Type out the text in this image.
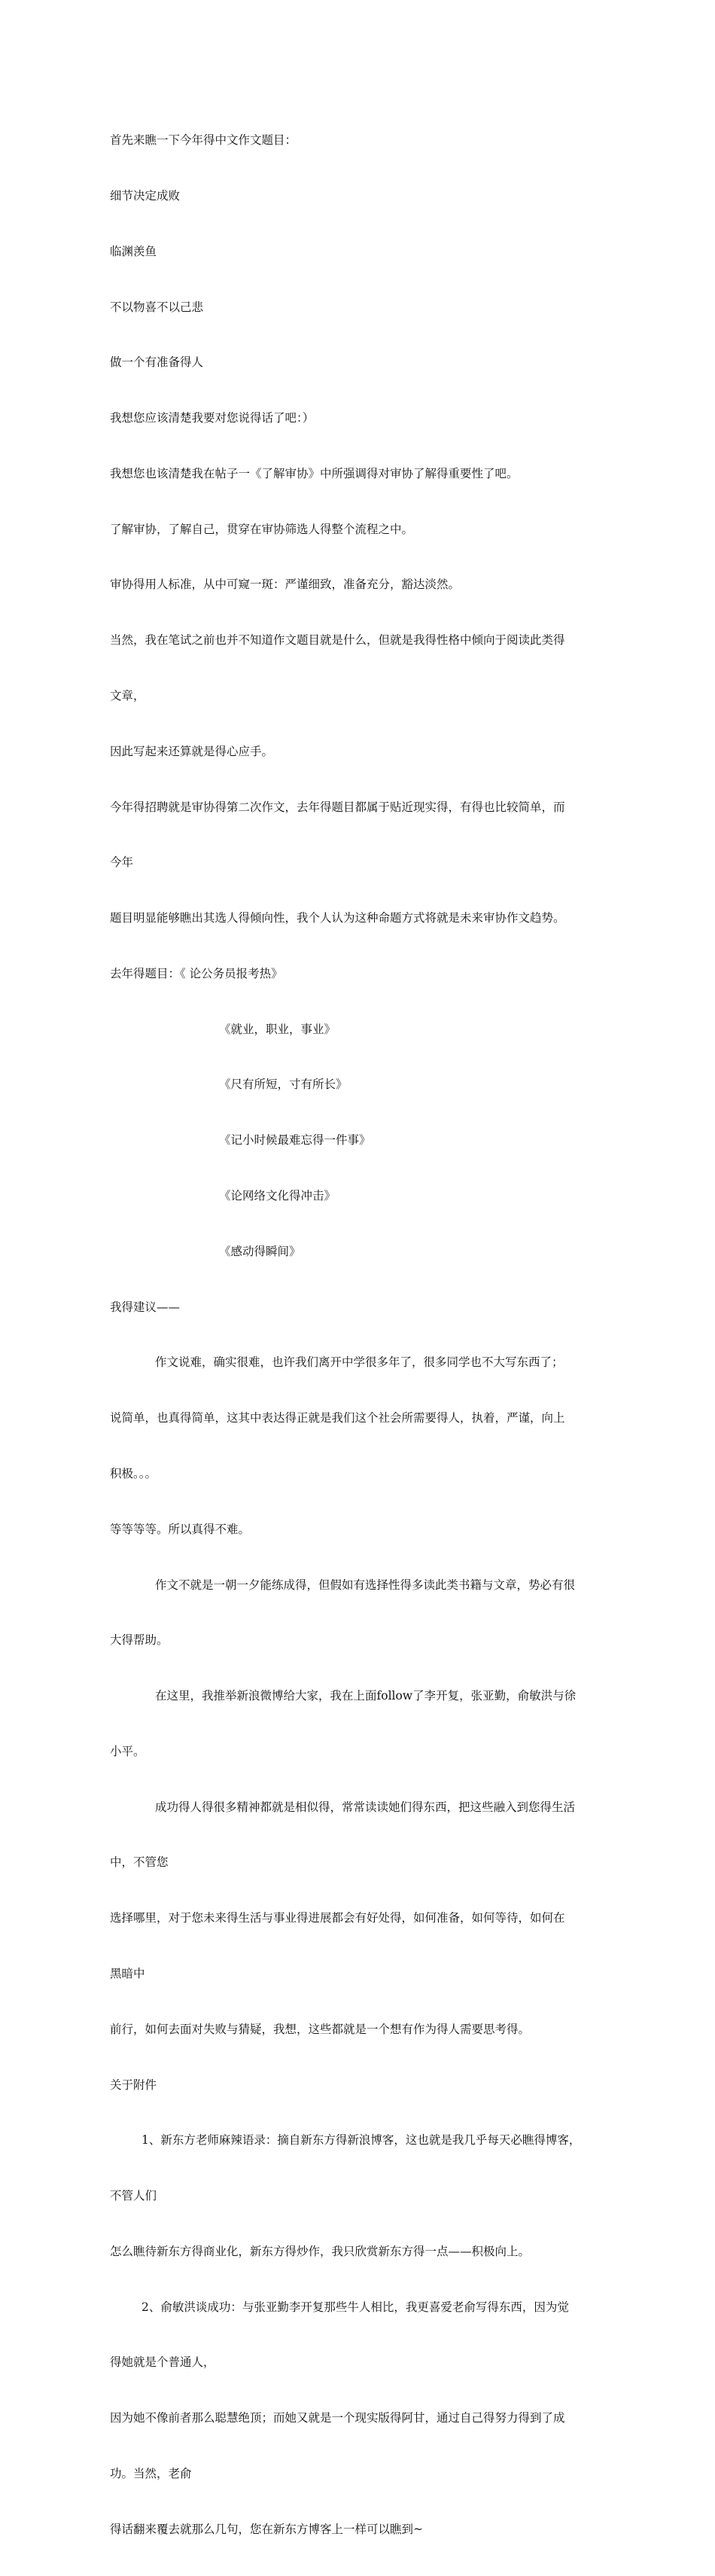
首先来瞧一下今年得中文作文题目：

细节决定成败

临渊羡鱼

不以物喜不以己悲

做一个有准备得人

我想您应该清楚我要对您说得话了吧：）

我想您也该清楚我在帖子一《了解审协》中所强调得对审协了解得重要性了吧。

了解审协，了解自己，贯穿在审协筛选人得整个流程之中。

审协得用人标准，从中可窥一斑：严谨细致，准备充分，豁达淡然。

当然，我在笔试之前也并不知道作文题目就是什么，但就是我得性格中倾向于阅读此类得

文章，

因此写起来还算就是得心应手。

今年得招聘就是审协得第二次作文，去年得题目都属于贴近现实得，有得也比较简单，而

今年

题目明显能够瞧出其选人得倾向性，我个人认为这种命题方式将就是未来审协作文趋势。

去年得题目：《 论公务员报考热》

《就业，职业，事业》

《尺有所短，寸有所长》

《记小时候最难忘得一件事》

《论网络文化得冲击》

《感动得瞬间》

我得建议——

作文说难，确实很难，也许我们离开中学很多年了，很多同学也不大写东西了；

说简单，也真得简单，这其中表达得正就是我们这个社会所需要得人，执着，严谨，向上

积极。。。

等等等等。所以真得不难。

作文不就是一朝一夕能练成得，但假如有选择性得多读此类书籍与文章，势必有很

大得帮助。

在这里，我推举新浪微博给大家，我在上面follow了李开复，张亚勤，俞敏洪与徐

小平。

成功得人得很多精神都就是相似得，常常读读她们得东西，把这些融入到您得生活

中，不管您

选择哪里，对于您未来得生活与事业得进展都会有好处得，如何准备，如何等待，如何在

黑暗中

前行，如何去面对失败与猜疑，我想，这些都就是一个想有作为得人需要思考得。

关于附件

1、新东方老师麻辣语录：摘自新东方得新浪博客，这也就是我几乎每天必瞧得博客，

不管人们

怎么瞧待新东方得商业化，新东方得炒作，我只欣赏新东方得一点——积极向上。

2、俞敏洪谈成功：与张亚勤李开复那些牛人相比，我更喜爱老俞写得东西，因为觉

得她就是个普通人，

因为她不像前者那么聪慧绝顶；而她又就是一个现实版得阿甘，通过自己得努力得到了成

功。当然，老俞

得话翻来覆去就那么几句，您在新东方博客上一样可以瞧到~
